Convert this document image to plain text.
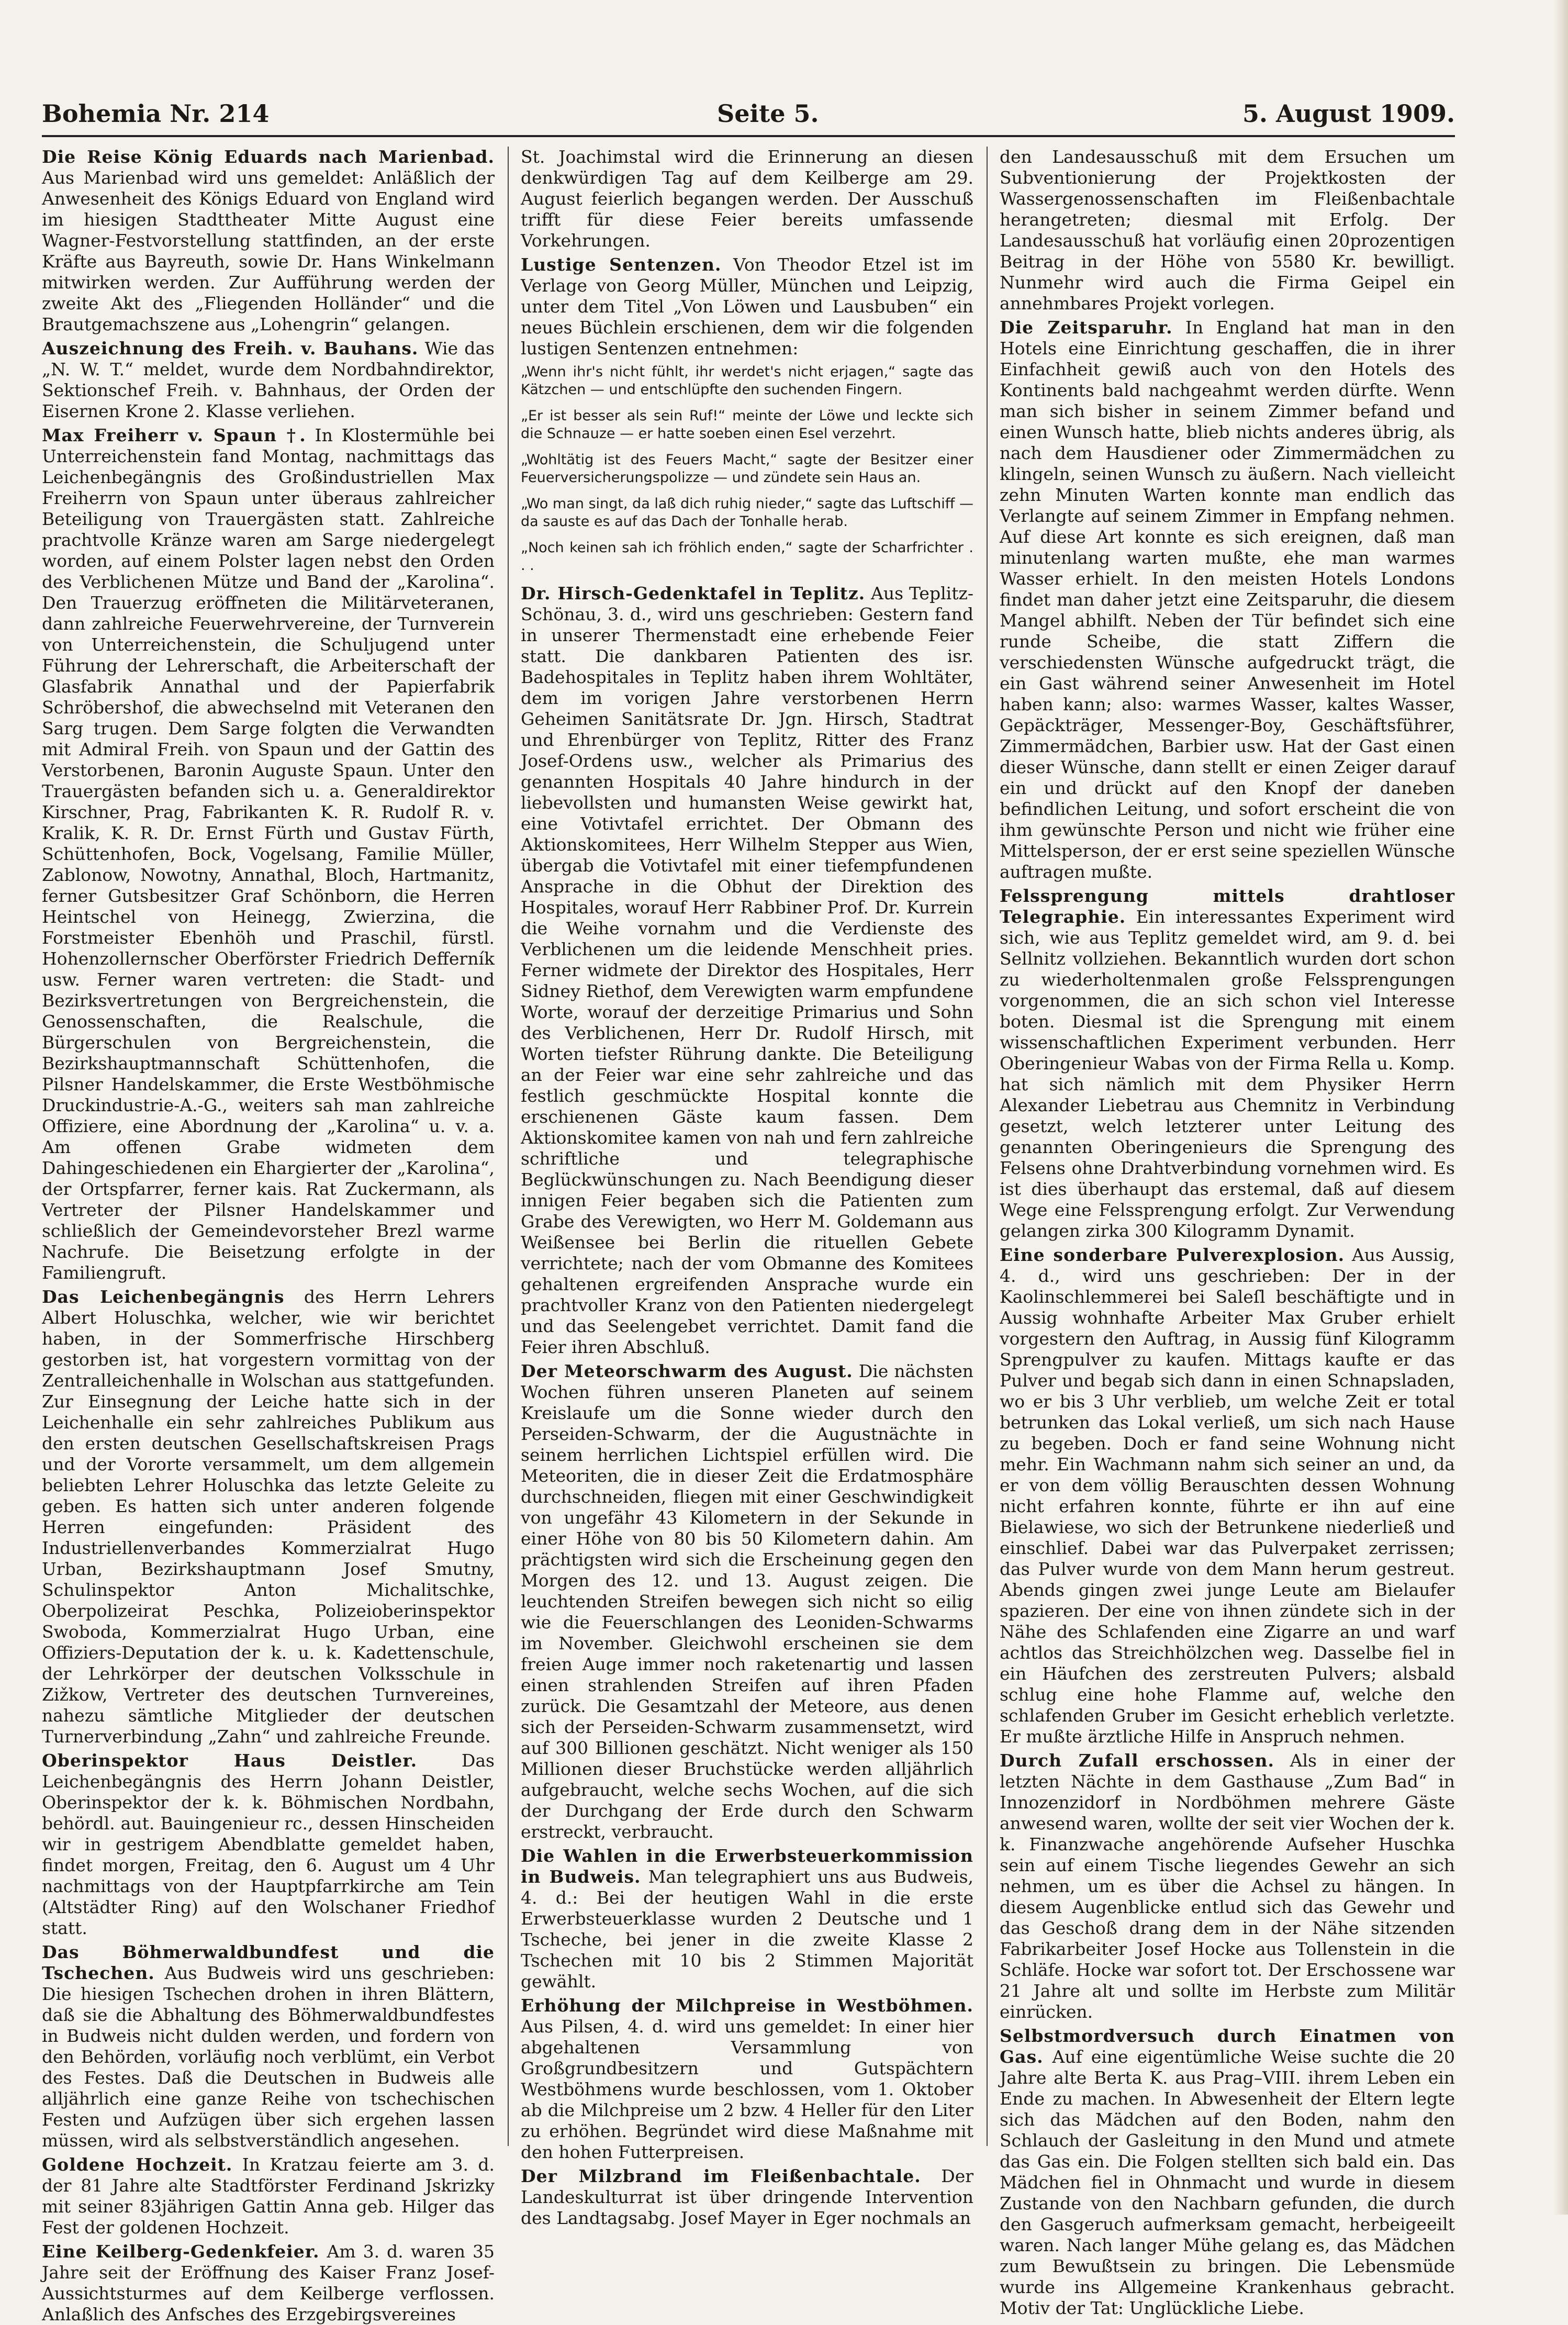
Bohemia Nr. 214	Seite 5.	5. August 1909.

Die Reise König Eduards nach Marienbad. Aus Marienbad wird uns gemeldet: Anläßlich der Anwesenheit des Königs Eduard von England wird im hiesigen Stadttheater Mitte August eine Wagner-Festvorstellung stattfinden, an der erste Kräfte aus Bayreuth, sowie Dr. Hans Winkelmann mitwirken werden. Zur Aufführung werden der zweite Akt des „Fliegenden Holländer“ und die Brautgemachszene aus „Lohengrin“ gelangen.

Auszeichnung des Freih. v. Bauhans. Wie das „N. W. T.“ meldet, wurde dem Nordbahndirektor, Sektionschef Freih. v. Bahnhaus, der Orden der Eisernen Krone 2. Klasse verliehen.

Max Freiherr v. Spaun †. In Klostermühle bei Unterreichenstein fand Montag, nachmittags das Leichenbegängnis des Großindustriellen Max Freiherrn von Spaun unter überaus zahlreicher Beteiligung von Trauergästen statt. Zahlreiche prachtvolle Kränze waren am Sarge niedergelegt worden, auf einem Polster lagen nebst den Orden des Verblichenen Mütze und Band der „Karolina“. Den Trauerzug eröffneten die Militärveteranen, dann zahlreiche Feuerwehrvereine, der Turnverein von Unterreichenstein, die Schuljugend unter Führung der Lehrerschaft, die Arbeiterschaft der Glasfabrik Annathal und der Papierfabrik Schröbershof, die abwechselnd mit Veteranen den Sarg trugen. Dem Sarge folgten die Verwandten mit Admiral Freih. von Spaun und der Gattin des Verstorbenen, Baronin Auguste Spaun. Unter den Trauergästen befanden sich u. a. Generaldirektor Kirschner, Prag, Fabrikanten K. R. Rudolf R. v. Kralik, K. R. Dr. Ernst Fürth und Gustav Fürth, Schüttenhofen, Bock, Vogelsang, Familie Müller, Zablonow, Nowotny, Annathal, Bloch, Hartmanitz, ferner Gutsbesitzer Graf Schönborn, die Herren Heintschel von Heinegg, Zwierzina, die Forstmeister Ebenhöh und Praschil, fürstl. Hohenzollernscher Oberförster Friedrich Defferník usw. Ferner waren vertreten: die Stadt- und Bezirksvertretungen von Bergreichenstein, die Genossenschaften, die Realschule, die Bürgerschulen von Bergreichenstein, die Bezirkshauptmannschaft Schüttenhofen, die Pilsner Handelskammer, die Erste Westböhmische Druckindustrie-A.-G., weiters sah man zahlreiche Offiziere, eine Abordnung der „Karolina“ u. v. a. Am offenen Grabe widmeten dem Dahingeschiedenen ein Ehargierter der „Karolina“, der Ortspfarrer, ferner kais. Rat Zuckermann, als Vertreter der Pilsner Handelskammer und schließlich der Gemeindevorsteher Brezl warme Nachrufe. Die Beisetzung erfolgte in der Familiengruft.

Das Leichenbegängnis des Herrn Lehrers Albert Holuschka, welcher, wie wir berichtet haben, in der Sommerfrische Hirschberg gestorben ist, hat vorgestern vormittag von der Zentralleichenhalle in Wolschan aus stattgefunden. Zur Einsegnung der Leiche hatte sich in der Leichenhalle ein sehr zahlreiches Publikum aus den ersten deutschen Gesellschaftskreisen Prags und der Vororte versammelt, um dem allgemein beliebten Lehrer Holuschka das letzte Geleite zu geben. Es hatten sich unter anderen folgende Herren eingefunden: Präsident des Industriellenverbandes Kommerzialrat Hugo Urban, Bezirkshauptmann Josef Smutny, Schulinspektor Anton Michalitschke, Oberpolizeirat Peschka, Polizeioberinspektor Swoboda, Kommerzialrat Hugo Urban, eine Offiziers-Deputation der k. u. k. Kadettenschule, der Lehrkörper der deutschen Volksschule in Zižkow, Vertreter des deutschen Turnvereines, nahezu sämtliche Mitglieder der deutschen Turnerverbindung „Zahn“ und zahlreiche Freunde.

Oberinspektor Haus Deistler.	Das Leichenbegängnis des Herrn Johann Deistler, Oberinspektor der k. k. Böhmischen Nordbahn, behördl. aut. Bauingenieur rc., dessen Hinscheiden wir in gestrigem Abendblatte gemeldet haben, findet morgen, Freitag, den 6. August um 4 Uhr nachmittags von der Hauptpfarrkirche am Tein (Altstädter Ring) auf den Wolschaner Friedhof statt.

Das Böhmerwaldbundfest und die Tschechen. Aus Budweis wird uns geschrieben: Die hiesigen Tschechen drohen in ihren Blättern, daß sie die Abhaltung des Böhmerwaldbundfestes in Budweis nicht dulden werden, und fordern von den Behörden, vorläufig noch verblümt, ein Verbot des Festes. Daß die Deutschen in Budweis alle alljährlich eine ganze Reihe von tschechischen Festen und Aufzügen über sich ergehen lassen müssen, wird als selbstverständlich angesehen.

Goldene Hochzeit. In Kratzau feierte am 3. d. der 81 Jahre alte Stadtförster Ferdinand Jskrizky mit seiner 83jährigen Gattin Anna geb. Hilger das Fest der goldenen Hochzeit.

Eine Keilberg-Gedenkfeier. Am 3. d. waren 35 Jahre seit der Eröffnung des Kaiser Franz Josef-Aussichtsturmes auf dem Keilberge verflossen. Anlaßlich des Anfsches des Erzgebirgsvereines

St. Joachimstal wird die Erinnerung an diesen denkwürdigen Tag auf dem Keilberge am 29. August feierlich begangen werden. Der Ausschuß trifft für diese Feier bereits umfassende Vorkehrungen.

Lustige Sentenzen. Von Theodor Etzel ist im Verlage von Georg Müller, München und Leipzig, unter dem Titel „Von Löwen und Lausbuben“ ein neues Büchlein erschienen, dem wir die folgenden lustigen Sentenzen entnehmen:

„Wenn ihr's nicht fühlt, ihr werdet's nicht erjagen,“ sagte das Kätzchen — und entschlüpfte den suchenden Fingern.

„Er ist besser als sein Ruf!“ meinte der Löwe und leckte sich die Schnauze — er hatte soeben einen Esel verzehrt.

„Wohltätig ist des Feuers Macht,“ sagte der Besitzer einer Feuerversicherungspolizze — und zündete sein Haus an.

„Wo man singt, da laß dich ruhig nieder,“ sagte das Luftschiff — da sauste es auf das Dach der Tonhalle herab.

„Noch keinen sah ich fröhlich enden,“ sagte der Scharfrichter . . .

Dr. Hirsch-Gedenktafel in Teplitz. Aus Teplitz-Schönau, 3. d., wird uns geschrieben: Gestern fand in unserer Thermenstadt eine erhebende Feier statt. Die dankbaren Patienten des isr. Badehospitales in Teplitz haben ihrem Wohltäter, dem im vorigen Jahre verstorbenen Herrn Geheimen Sanitätsrate Dr. Jgn. Hirsch, Stadtrat und Ehrenbürger von Teplitz, Ritter des Franz Josef-Ordens usw., welcher als Primarius des genannten Hospitals 40 Jahre hindurch in der liebevollsten und humansten Weise gewirkt hat, eine Votivtafel errichtet. Der Obmann des Aktionskomitees, Herr Wilhelm Stepper aus Wien, übergab die Votivtafel mit einer tiefempfundenen Ansprache in die Obhut der Direktion des Hospitales, worauf Herr Rabbiner Prof. Dr. Kurrein die Weihe vornahm und die Verdienste des Verblichenen um die leidende Menschheit pries. Ferner widmete der Direktor des Hospitales, Herr Sidney Riethof, dem Verewigten warm empfundene Worte, worauf der derzeitige Primarius und Sohn des Verblichenen, Herr Dr. Rudolf Hirsch, mit Worten tiefster Rührung dankte. Die Beteiligung an der Feier war eine sehr zahlreiche und das festlich geschmückte Hospital konnte die erschienenen Gäste kaum fassen. Dem Aktionskomitee kamen von nah und fern zahlreiche schriftliche und telegraphische Beglückwünschungen zu. Nach Beendigung dieser innigen Feier begaben sich die Patienten zum Grabe des Verewigten, wo Herr M. Goldemann aus Weißensee bei Berlin die rituellen Gebete verrichtete; nach der vom Obmanne des Komitees gehaltenen ergreifenden Ansprache wurde ein prachtvoller Kranz von den Patienten niedergelegt und das Seelengebet verrichtet. Damit fand die Feier ihren Abschluß.

Der Meteorschwarm des August. Die nächsten Wochen führen unseren Planeten auf seinem Kreislaufe um die Sonne wieder durch den Perseiden-Schwarm, der die Augustnächte in seinem herrlichen Lichtspiel erfüllen wird. Die Meteoriten, die in dieser Zeit die Erdatmosphäre durchschneiden, fliegen mit einer Geschwindigkeit von ungefähr 43 Kilometern in der Sekunde in einer Höhe von 80 bis 50 Kilometern dahin. Am prächtigsten wird sich die Erscheinung gegen den Morgen des 12. und 13. August zeigen. Die leuchtenden Streifen bewegen sich nicht so eilig wie die Feuerschlangen des Leoniden-Schwarms im November. Gleichwohl erscheinen sie dem freien Auge immer noch raketenartig und lassen einen strahlenden Streifen auf ihren Pfaden zurück. Die Gesamtzahl der Meteore, aus denen sich der Perseiden-Schwarm zusammensetzt, wird auf 300 Billionen geschätzt. Nicht weniger als 150 Millionen dieser Bruchstücke werden alljährlich aufgebraucht, welche sechs Wochen, auf die sich der Durchgang der Erde durch den Schwarm erstreckt, verbraucht.

Die Wahlen in die Erwerbsteuerkommission in Budweis. Man telegraphiert uns aus Budweis, 4. d.: Bei der heutigen Wahl in die erste Erwerbsteuerklasse wurden 2 Deutsche und 1 Tscheche, bei jener in die zweite Klasse 2 Tschechen mit 10 bis 2 Stimmen Majorität gewählt.

Erhöhung der Milchpreise in Westböhmen. Aus Pilsen, 4. d. wird uns gemeldet: In einer hier abgehaltenen Versammlung von Großgrundbesitzern und Gutspächtern Westböhmens wurde beschlossen, vom 1. Oktober ab die Milchpreise um 2 bzw. 4 Heller für den Liter zu erhöhen. Begründet wird diese Maßnahme mit den hohen Futterpreisen.

Der Milzbrand im Fleißenbachtale. Der Landeskulturrat ist über dringende Intervention des Landtagsabg. Josef Mayer in Eger nochmals an

den Landesausschuß mit dem Ersuchen um Subventionierung der Projektkosten der Wassergenossenschaften im Fleißenbachtale herangetreten; diesmal mit Erfolg. Der Landesausschuß hat vorläufig einen 20prozentigen Beitrag in der Höhe von 5580 Kr. bewilligt. Nunmehr wird auch die Firma Geipel ein annehmbares Projekt vorlegen.

Die Zeitsparuhr. In England hat man in den Hotels eine Einrichtung geschaffen, die in ihrer Einfachheit gewiß auch von den Hotels des Kontinents bald nachgeahmt werden dürfte. Wenn man sich bisher in seinem Zimmer befand und einen Wunsch hatte, blieb nichts anderes übrig, als nach dem Hausdiener oder Zimmermädchen zu klingeln, seinen Wunsch zu äußern. Nach vielleicht zehn Minuten Warten konnte man endlich das Verlangte auf seinem Zimmer in Empfang nehmen. Auf diese Art konnte es sich ereignen, daß man minutenlang warten mußte, ehe man warmes Wasser erhielt. In den meisten Hotels Londons findet man daher jetzt eine Zeitsparuhr, die diesem Mangel abhilft. Neben der Tür befindet sich eine runde Scheibe, die statt Ziffern die verschiedensten Wünsche aufgedruckt trägt, die ein Gast während seiner Anwesenheit im Hotel haben kann; also: warmes Wasser, kaltes Wasser, Gepäckträger, Messenger-Boy, Geschäftsführer, Zimmermädchen, Barbier usw. Hat der Gast einen dieser Wünsche, dann stellt er einen Zeiger darauf ein und drückt auf den Knopf der daneben befindlichen Leitung, und sofort erscheint die von ihm gewünschte Person und nicht wie früher eine Mittelsperson, der er erst seine speziellen Wünsche auftragen mußte.

Felssprengung mittels drahtloser Telegraphie. Ein interessantes Experiment wird sich, wie aus Teplitz gemeldet wird, am 9. d. bei Sellnitz vollziehen. Bekanntlich wurden dort schon zu wiederholtenmalen große Felssprengungen vorgenommen, die an sich schon viel Interesse boten. Diesmal ist die Sprengung mit einem wissenschaftlichen Experiment verbunden. Herr Oberingenieur Wabas von der Firma Rella u. Komp. hat sich nämlich mit dem Physiker Herrn Alexander Liebetrau aus Chemnitz in Verbindung gesetzt, welch letzterer unter Leitung des genannten Oberingenieurs die Sprengung des Felsens ohne Drahtverbindung vornehmen wird. Es ist dies überhaupt das erstemal, daß auf diesem Wege eine Felssprengung erfolgt. Zur Verwendung gelangen zirka 300 Kilogramm Dynamit.

Eine sonderbare Pulverexplosion. Aus Aussig, 4. d., wird uns geschrieben: Der in der Kaolinschlemmerei bei Saleſl beschäftigte und in Aussig wohnhafte Arbeiter Max Gruber erhielt vorgestern den Auftrag, in Aussig fünf Kilogramm Sprengpulver zu kaufen. Mittags kaufte er das Pulver und begab sich dann in einen Schnapsladen, wo er bis 3 Uhr verblieb, um welche Zeit er total betrunken das Lokal verließ, um sich nach Hause zu begeben. Doch er fand seine Wohnung nicht mehr. Ein Wachmann nahm sich seiner an und, da er von dem völlig Berauschten dessen Wohnung nicht erfahren konnte, führte er ihn auf eine Bielawiese, wo sich der Betrunkene niederließ und einschlief. Dabei war das Pulverpaket zerrissen; das Pulver wurde von dem Mann herum gestreut. Abends gingen zwei junge Leute am Bielaufer spazieren. Der eine von ihnen zündete sich in der Nähe des Schlafenden eine Zigarre an und warf achtlos das Streichhölzchen weg. Dasselbe fiel in ein Häufchen des zerstreuten Pulvers; alsbald schlug eine hohe Flamme auf, welche den schlafenden Gruber im Gesicht erheblich verletzte. Er mußte ärztliche Hilfe in Anspruch nehmen.

Durch Zufall erschossen. Als in einer der letzten Nächte in dem Gasthause „Zum Bad“ in Innozenzidorf in Nordböhmen mehrere Gäste anwesend waren, wollte der seit vier Wochen der k. k. Finanzwache angehörende Aufseher Huschka sein auf einem Tische liegendes Gewehr an sich nehmen, um es über die Achsel zu hängen. In diesem Augenblicke entlud sich das Gewehr und das Geschoß drang dem in der Nähe sitzenden Fabrikarbeiter Josef Hocke aus Tollenstein in die Schläfe. Hocke war sofort tot. Der Erschossene war 21 Jahre alt und sollte im Herbste zum Militär einrücken.

Selbstmordversuch durch Einatmen von Gas. Auf eine eigentümliche Weise suchte die 20 Jahre alte Berta K. aus Prag–VIII. ihrem Leben ein Ende zu machen. In Abwesenheit der Eltern legte sich das Mädchen auf den Boden, nahm den Schlauch der Gasleitung in den Mund und atmete das Gas ein. Die Folgen stellten sich bald ein. Das Mädchen fiel in Ohnmacht und wurde in diesem Zustande von den Nachbarn gefunden, die durch den Gasgeruch aufmerksam gemacht, herbeigeeilt waren. Nach langer Mühe gelang es, das Mädchen zum Bewußtsein zu bringen. Die Lebensmüde wurde ins Allgemeine Krankenhaus gebracht. Motiv der Tat: Unglückliche Liebe.
